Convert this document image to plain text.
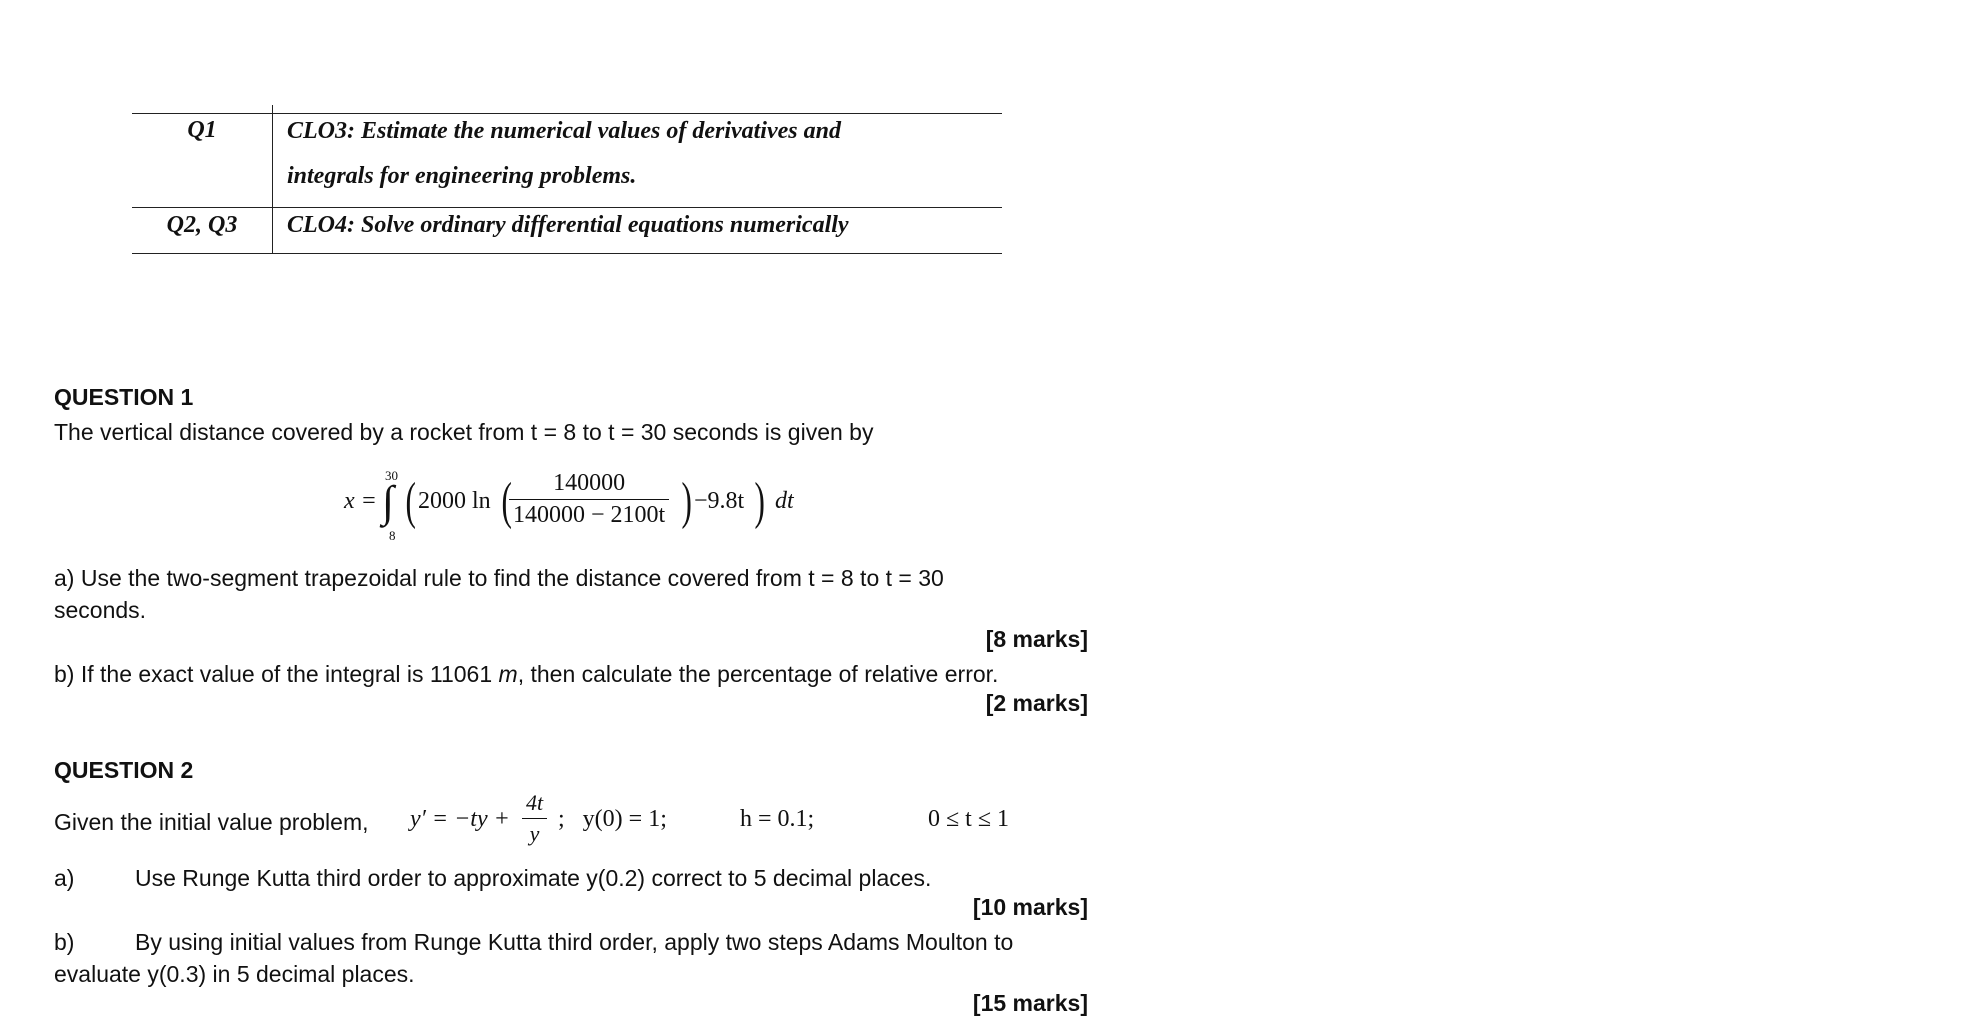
Q1	CLO3: Estimate the numerical values of derivatives and
integrals for engineering problems.
Q2, Q3	CLO4: Solve ordinary differential equations numerically
QUESTION 1
The vertical distance covered by a rocket from t = 8 to t = 30 seconds is given by
x =
30
∫
8
( 2000 ln (
$\frac{140000}{140000 - 2100t}$ ) −9.8t ) dt
a) Use the two-segment trapezoidal rule to find the distance covered from t = 8 to t = 30
seconds.
[8 marks]
b) If the exact value of the integral is 11061 m, then calculate the percentage of relative error.
[2 marks]
QUESTION 2
Given the initial value problem, $y' = -ty + \frac{4t}{y}$ ;   y(0) = 1;	h = 0.1;	0 ≤ t ≤ 1
a)	Use Runge Kutta third order to approximate y(0.2) correct to 5 decimal places.
[10 marks]
b)	By using initial values from Runge Kutta third order, apply two steps Adams Moulton to
evaluate y(0.3) in 5 decimal places.
[15 marks]
